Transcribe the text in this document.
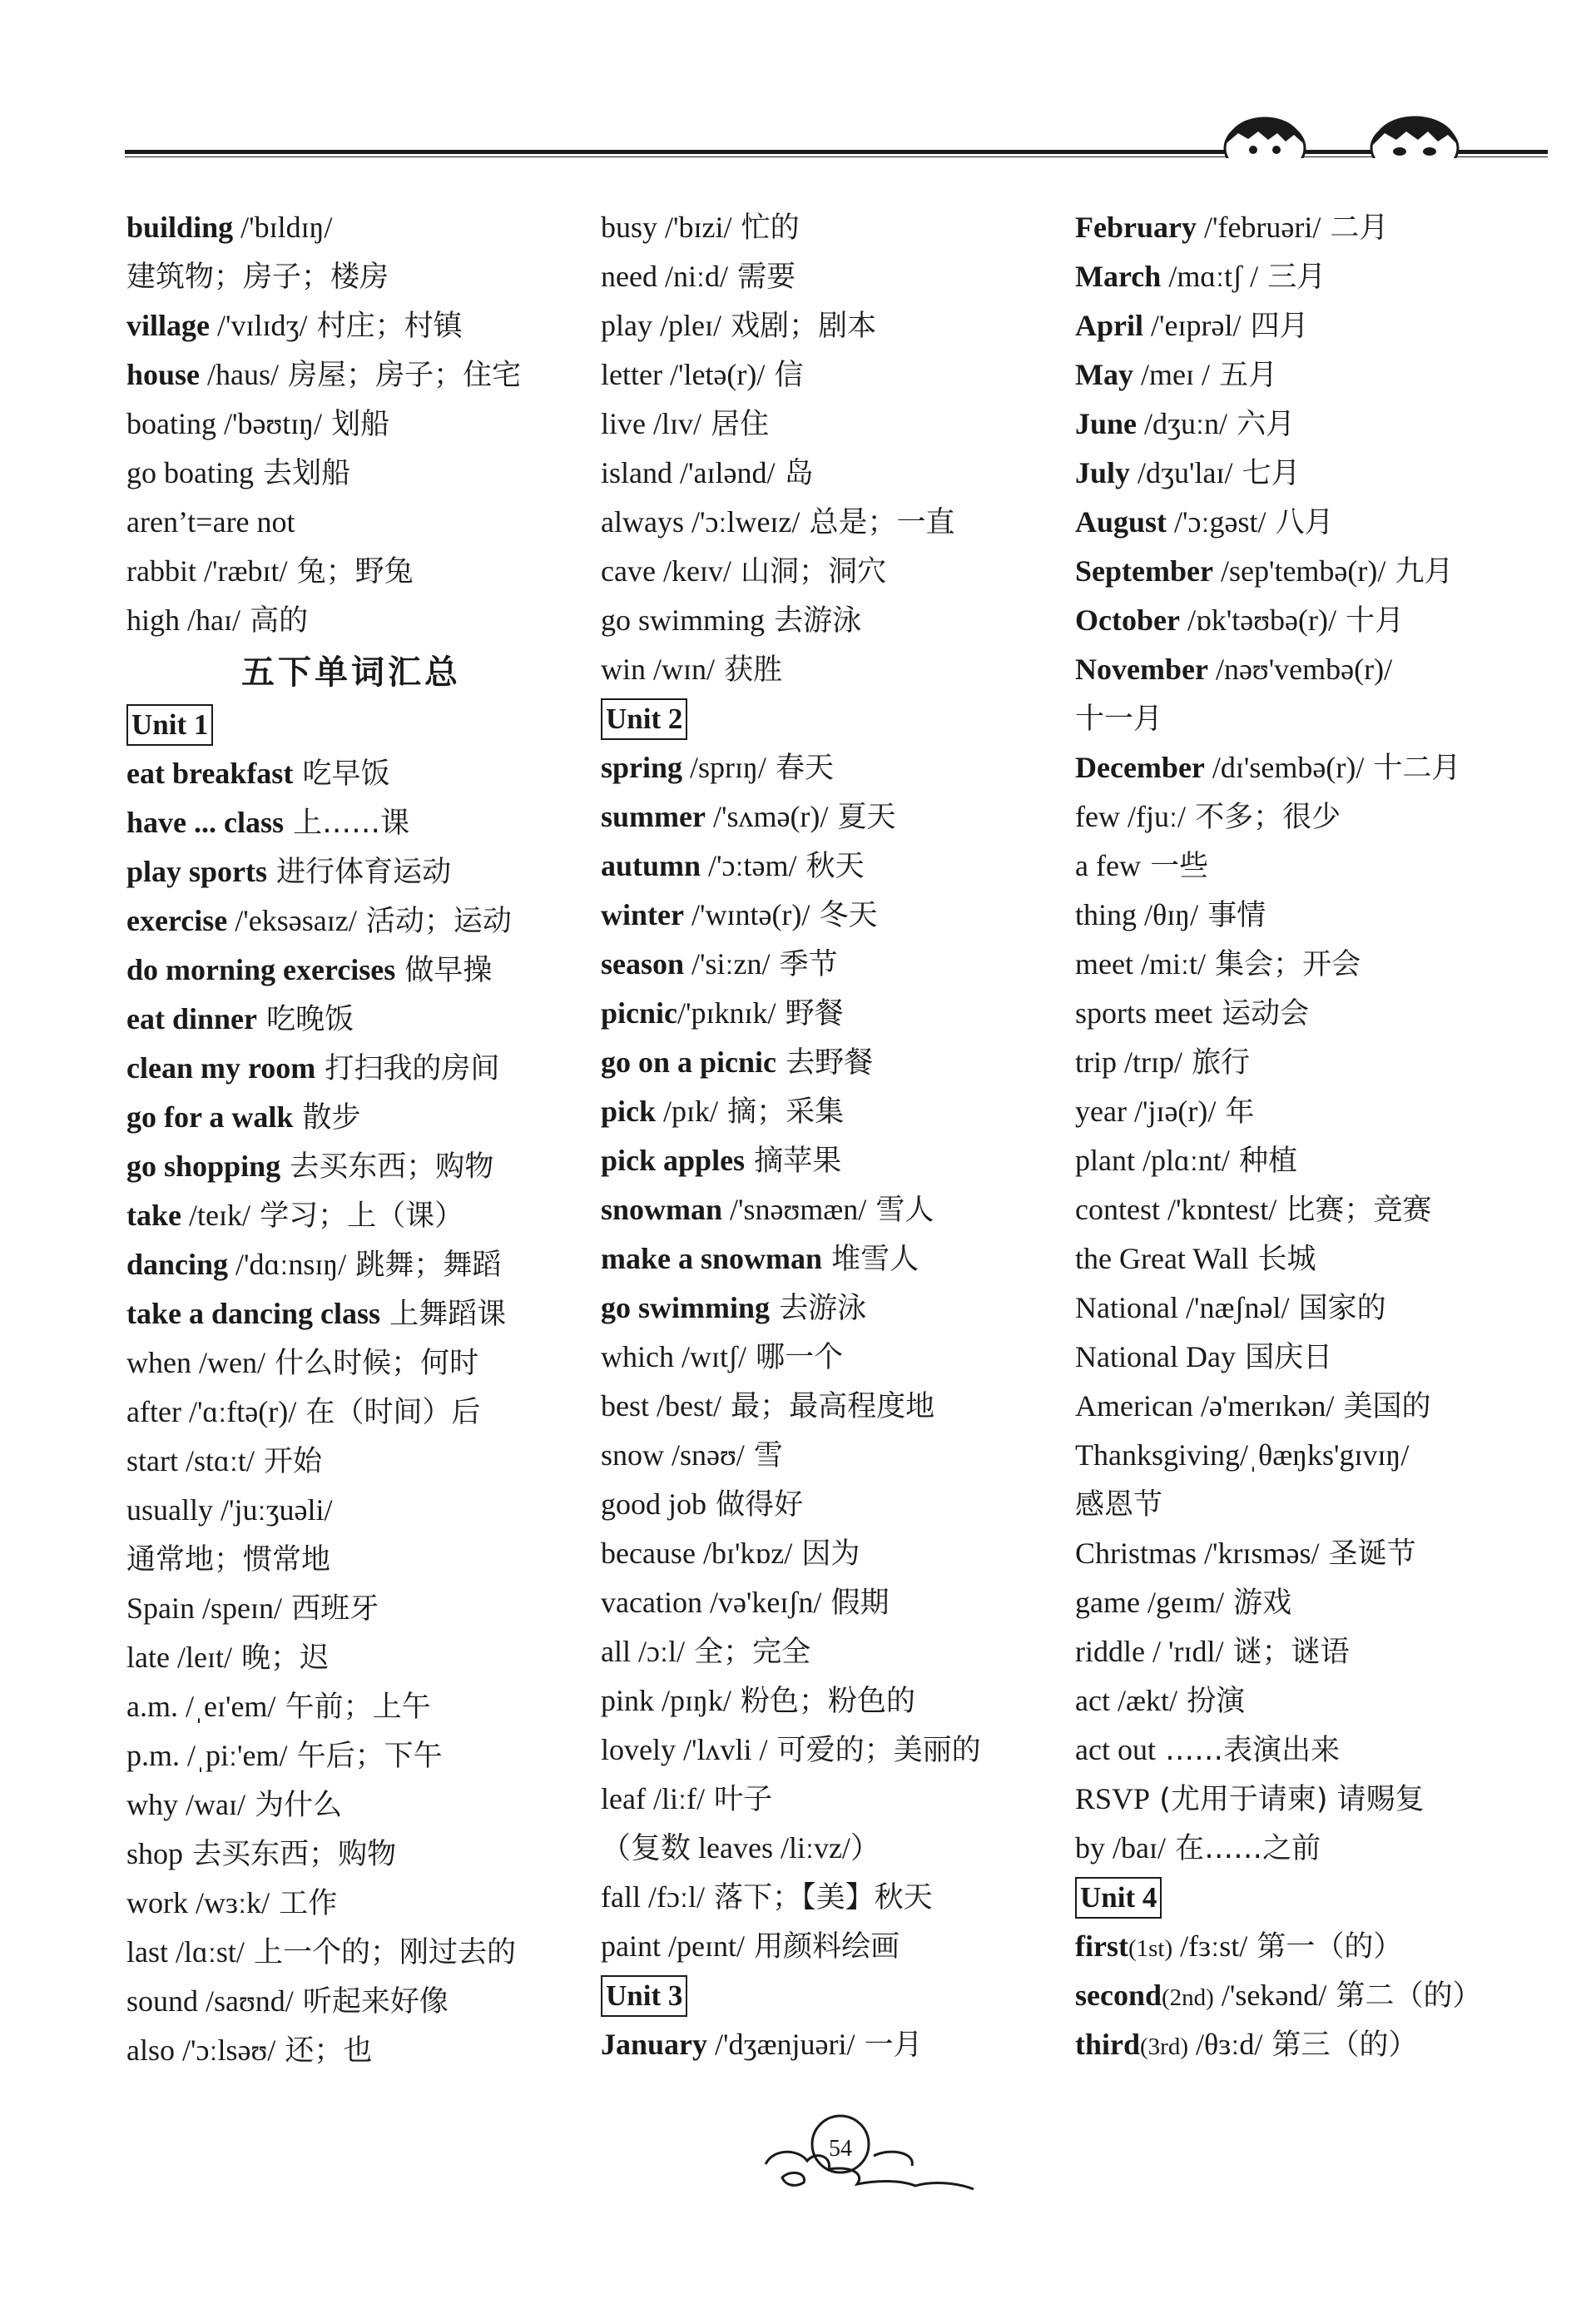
building /'bɪldɪŋ/
建筑物；房子；楼房
village /'vɪlɪdʒ/ 村庄；村镇
house /haus/ 房屋；房子；住宅
boating /'bəʊtɪŋ/ 划船
go boating 去划船
aren’t=are not
rabbit /'ræbɪt/ 兔；野兔
high /haɪ/ 高的
五下单词汇总
Unit 1
eat breakfast 吃早饭
have ... class 上……课
play sports 进行体育运动
exercise /'eksəsaɪz/ 活动；运动
do morning exercises 做早操
eat dinner 吃晚饭
clean my room 打扫我的房间
go for a walk 散步
go shopping 去买东西；购物
take /teɪk/ 学习；上（课）
dancing /'dɑːnsɪŋ/ 跳舞；舞蹈
take a dancing class 上舞蹈课
when /wen/ 什么时候；何时
after /'ɑːftə(r)/ 在（时间）后
start /stɑːt/ 开始
usually /'juːʒuəli/
通常地；惯常地
Spain /speɪn/ 西班牙
late /leɪt/ 晚；迟
a.m. /ˌeɪ'em/ 午前；上午
p.m. /ˌpiː'em/ 午后；下午
why /waɪ/ 为什么
shop 去买东西；购物
work /wɜːk/ 工作
last /lɑːst/ 上一个的；刚过去的
sound /saʊnd/ 听起来好像
also /'ɔːlsəʊ/ 还；也
busy /'bɪzi/ 忙的
need /niːd/ 需要
play /pleɪ/ 戏剧；剧本
letter /'letə(r)/ 信
live /lɪv/ 居住
island /'aɪlənd/ 岛
always /'ɔːlweɪz/ 总是；一直
cave /keɪv/ 山洞；洞穴
go swimming 去游泳
win /wɪn/ 获胜
Unit 2
spring /sprɪŋ/ 春天
summer /'sʌmə(r)/ 夏天
autumn /'ɔːtəm/ 秋天
winter /'wɪntə(r)/ 冬天
season /'siːzn/ 季节
picnic/'pɪknɪk/ 野餐
go on a picnic 去野餐
pick /pɪk/ 摘；采集
pick apples 摘苹果
snowman /'snəʊmæn/ 雪人
make a snowman 堆雪人
go swimming 去游泳
which /wɪtʃ/ 哪一个
best /best/ 最；最高程度地
snow /snəʊ/ 雪
good job 做得好
because /bɪ'kɒz/ 因为
vacation /və'keɪʃn/ 假期
all /ɔːl/ 全；完全
pink /pɪŋk/ 粉色；粉色的
lovely /'lʌvli / 可爱的；美丽的
leaf /liːf/ 叶子
（复数 leaves /liːvz/）
fall /fɔːl/ 落下；【美】秋天
paint /peɪnt/ 用颜料绘画
Unit 3
January /'dʒænjuəri/ 一月
February /'februəri/ 二月
March /mɑːtʃ / 三月
April /'eɪprəl/ 四月
May /meɪ / 五月
June /dʒuːn/ 六月
July /dʒu'laɪ/ 七月
August /'ɔːgəst/ 八月
September /sep'tembə(r)/ 九月
October /ɒk'təʊbə(r)/ 十月
November /nəʊ'vembə(r)/
十一月
December /dɪ'sembə(r)/ 十二月
few /fjuː/ 不多；很少
a few 一些
thing /θɪŋ/ 事情
meet /miːt/ 集会；开会
sports meet 运动会
trip /trɪp/ 旅行
year /'jɪə(r)/ 年
plant /plɑːnt/ 种植
contest /'kɒntest/ 比赛；竞赛
the Great Wall 长城
National /'næʃnəl/ 国家的
National Day 国庆日
American /ə'merɪkən/ 美国的
Thanksgiving/ˌθæŋks'gɪvɪŋ/
感恩节
Christmas /'krɪsməs/ 圣诞节
game /geɪm/ 游戏
riddle / 'rɪdl/ 谜；谜语
act /ækt/ 扮演
act out ……表演出来
RSVP (尤用于请柬) 请赐复
by /baɪ/ 在……之前
Unit 4
first(1st) /fɜːst/ 第一（的）
second(2nd) /'sekənd/ 第二（的）
third(3rd) /θɜːd/ 第三（的）
54
